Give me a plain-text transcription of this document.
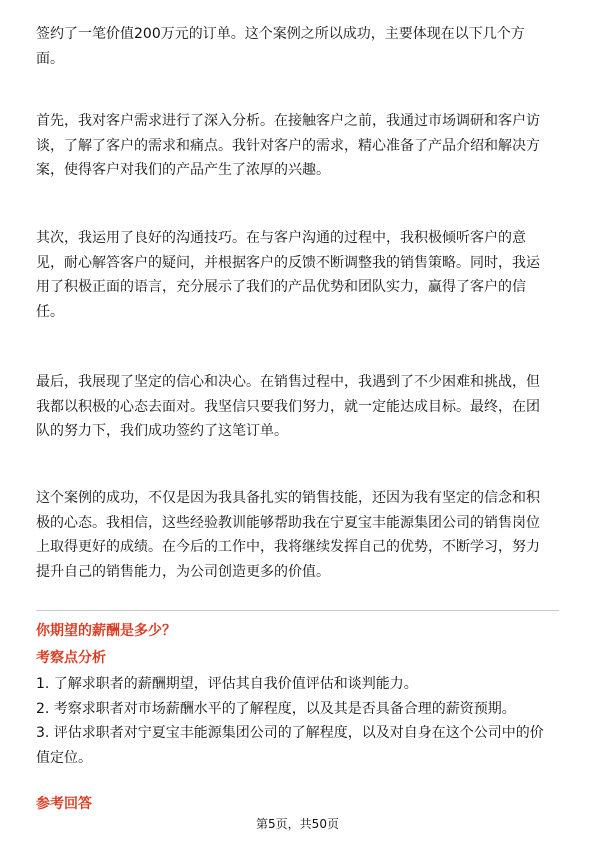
签约了一笔价值200万元的订单。这个案例之所以成功，主要体现在以下几个方
面。
首先，我对客户需求进行了深入分析。在接触客户之前，我通过市场调研和客户访
谈，了解了客户的需求和痛点。我针对客户的需求，精心准备了产品介绍和解决方
案，使得客户对我们的产品产生了浓厚的兴趣。
其次，我运用了良好的沟通技巧。在与客户沟通的过程中，我积极倾听客户的意
见，耐心解答客户的疑问，并根据客户的反馈不断调整我的销售策略。同时，我运
用了积极正面的语言，充分展示了我们的产品优势和团队实力，赢得了客户的信
任。
最后，我展现了坚定的信心和决心。在销售过程中，我遇到了不少困难和挑战，但
我都以积极的心态去面对。我坚信只要我们努力，就一定能达成目标。最终，在团
队的努力下，我们成功签约了这笔订单。
这个案例的成功，不仅是因为我具备扎实的销售技能，还因为我有坚定的信念和积
极的心态。我相信，这些经验教训能够帮助我在宁夏宝丰能源集团公司的销售岗位
上取得更好的成绩。在今后的工作中，我将继续发挥自己的优势，不断学习，努力
提升自己的销售能力，为公司创造更多的价值。
你期望的薪酬是多少？
考察点分析
1. 了解求职者的薪酬期望，评估其自我价值评估和谈判能力。
2. 考察求职者对市场薪酬水平的了解程度，以及其是否具备合理的薪资预期。
3. 评估求职者对宁夏宝丰能源集团公司的了解程度，以及对自身在这个公司中的价
值定位。
参考回答
第5页，共50页
